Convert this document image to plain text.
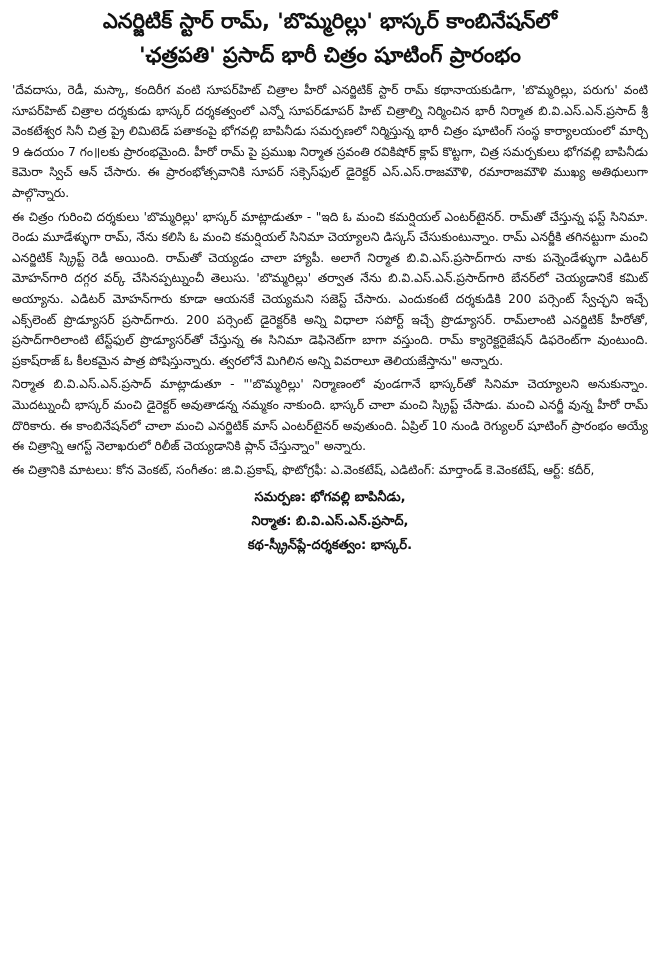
ఎనర్జిటిక్ స్టార్ రామ్, 'బొమ్మరిల్లు' భాస్కర్ కాంబినేషన్‌లో
'ఛత్రపతి' ప్రసాద్ భారీ చిత్రం షూటింగ్ ప్రారంభం

'దేవదాసు, రెడీ, మస్కా, కందిరీగ వంటి సూపర్‌హిట్ చిత్రాల హీరో ఎనర్జిటిక్ స్టార్ రామ్ కథానాయకుడిగా, 'బొమ్మరిల్లు, పరుగు' వంటి సూపర్‌హిట్ చిత్రాల దర్శకుడు భాస్కర్ దర్శకత్వంలో ఎన్నో సూపర్‌డూపర్ హిట్ చిత్రాల్ని నిర్మించిన భారీ నిర్మాత బి.వి.ఎస్.ఎన్.ప్రసాద్ శ్రీ వెంకటేశ్వర సినీ చిత్ర ప్రై లిమిటెడ్ పతాకంపై భోగవల్లి బాపినీడు సమర్పణలో నిర్మిస్తున్న భారీ చిత్రం షూటింగ్ సంస్థ కార్యాలయంలో మార్చి 9 ఉదయం 7 గం॥లకు ప్రారంభమైంది. హీరో రామ్ పై ప్రముఖ నిర్మాత స్రవంతి రవికిషోర్ క్లాప్ కొట్టగా, చిత్ర సమర్పకులు భోగవల్లి బాపినీడు కెమెరా స్విచ్ ఆన్ చేసారు. ఈ ప్రారంభోత్సవానికి సూపర్ సక్సెస్‌ఫుల్ డైరెక్టర్ ఎస్.ఎస్.రాజమౌళి, రమారాజమౌళి ముఖ్య అతిథులుగా పాల్గొన్నారు.

ఈ చిత్రం గురించి దర్శకులు 'బొమ్మరిల్లు' భాస్కర్ మాట్లాడుతూ - "ఇది ఓ మంచి కమర్షియల్ ఎంటర్‌టైనర్. రామ్‌తో చేస్తున్న ఫస్ట్ సినిమా. రెండు మూడేళ్ళుగా రామ్, నేను కలిసి ఓ మంచి కమర్షియల్ సినిమా చెయ్యాలని డిస్కస్ చేసుకుంటున్నాం. రామ్ ఎనర్జీకి తగినట్టుగా మంచి ఎనర్జిటిక్ స్క్రిప్ట్ రెడీ అయింది. రామ్‌తో చెయ్యడం చాలా హ్యాపీ. అలాగే నిర్మాత బి.వి.ఎస్.ప్రసాద్‌గారు నాకు పన్నెండేళ్ళుగా ఎడిటర్ మోహన్‌గారి దగ్గర వర్క్ చేసినప్పట్నుంచీ తెలుసు. 'బొమ్మరిల్లు' తర్వాత నేను బి.వి.ఎస్.ఎన్.ప్రసాద్‌గారి బేనర్‌లో చెయ్యడానికే కమిట్ అయ్యాను. ఎడిటర్ మోహన్‌గారు కూడా ఆయనకే చెయ్యమని సజెస్ట్ చేసారు. ఎందుకంటే దర్శకుడికి 200 పర్సెంట్ స్వేచ్ఛని ఇచ్చే ఎక్స్‌లెంట్ ప్రొడ్యూసర్ ప్రసాద్‌గారు. 200 పర్సెంట్ డైరెక్టర్‌కి అన్ని విధాలా సపోర్ట్ ఇచ్చే ప్రొడ్యూసర్. రామ్‌లాంటి ఎనర్జిటిక్ హీరోతో, ప్రసాద్‌గారిలాంటి టేస్ట్‌ఫుల్ ప్రొడ్యూసర్‌తో చేస్తున్న ఈ సినిమా డెఫినెట్‌గా బాగా వస్తుంది. రామ్ క్యారెక్టరైజేషన్ డిఫరెంట్‌గా వుంటుంది. ప్రకాష్‌రాజ్ ఓ కీలకమైన పాత్ర పోషిస్తున్నారు. త్వరలోనే మిగిలిన అన్ని వివరాలూ తెలియజేస్తాను" అన్నారు.

నిర్మాత బి.వి.ఎస్.ఎన్.ప్రసాద్ మాట్లాడుతూ - "'బొమ్మరిల్లు' నిర్మాణంలో వుండగానే భాస్కర్‌తో సినిమా చెయ్యాలని అనుకున్నాం. మొదట్నుంచీ భాస్కర్ మంచి డైరెక్టర్ అవుతాడన్న నమ్మకం నాకుంది. భాస్కర్ చాలా మంచి స్క్రిప్ట్ చేసాడు. మంచి ఎనర్జీ వున్న హీరో రామ్ దొరికారు. ఈ కాంబినేషన్‌లో చాలా మంచి ఎనర్జిటిక్ మాస్ ఎంటర్‌టైనర్ అవుతుంది. ఏప్రిల్ 10 నుండి రెగ్యులర్ షూటింగ్ ప్రారంభం అయ్యే ఈ చిత్రాన్ని ఆగస్ట్ నెలాఖరులో రిలీజ్ చెయ్యడానికి ప్లాన్ చేస్తున్నాం" అన్నారు.

ఈ చిత్రానికి మాటలు: కోన వెంకట్, సంగీతం: జి.వి.ప్రకాష్, ఫొటోగ్రఫీ: ఎ.వెంకటేష్, ఎడిటింగ్: మార్తాండ్ కె.వెంకటేష్, ఆర్ట్: కదీర్,

సమర్పణ: భోగవల్లి బాపినీడు,
నిర్మాత: బి.వి.ఎస్.ఎన్.ప్రసాద్,
కథ-స్క్రీన్‌ప్లే-దర్శకత్వం: భాస్కర్.
